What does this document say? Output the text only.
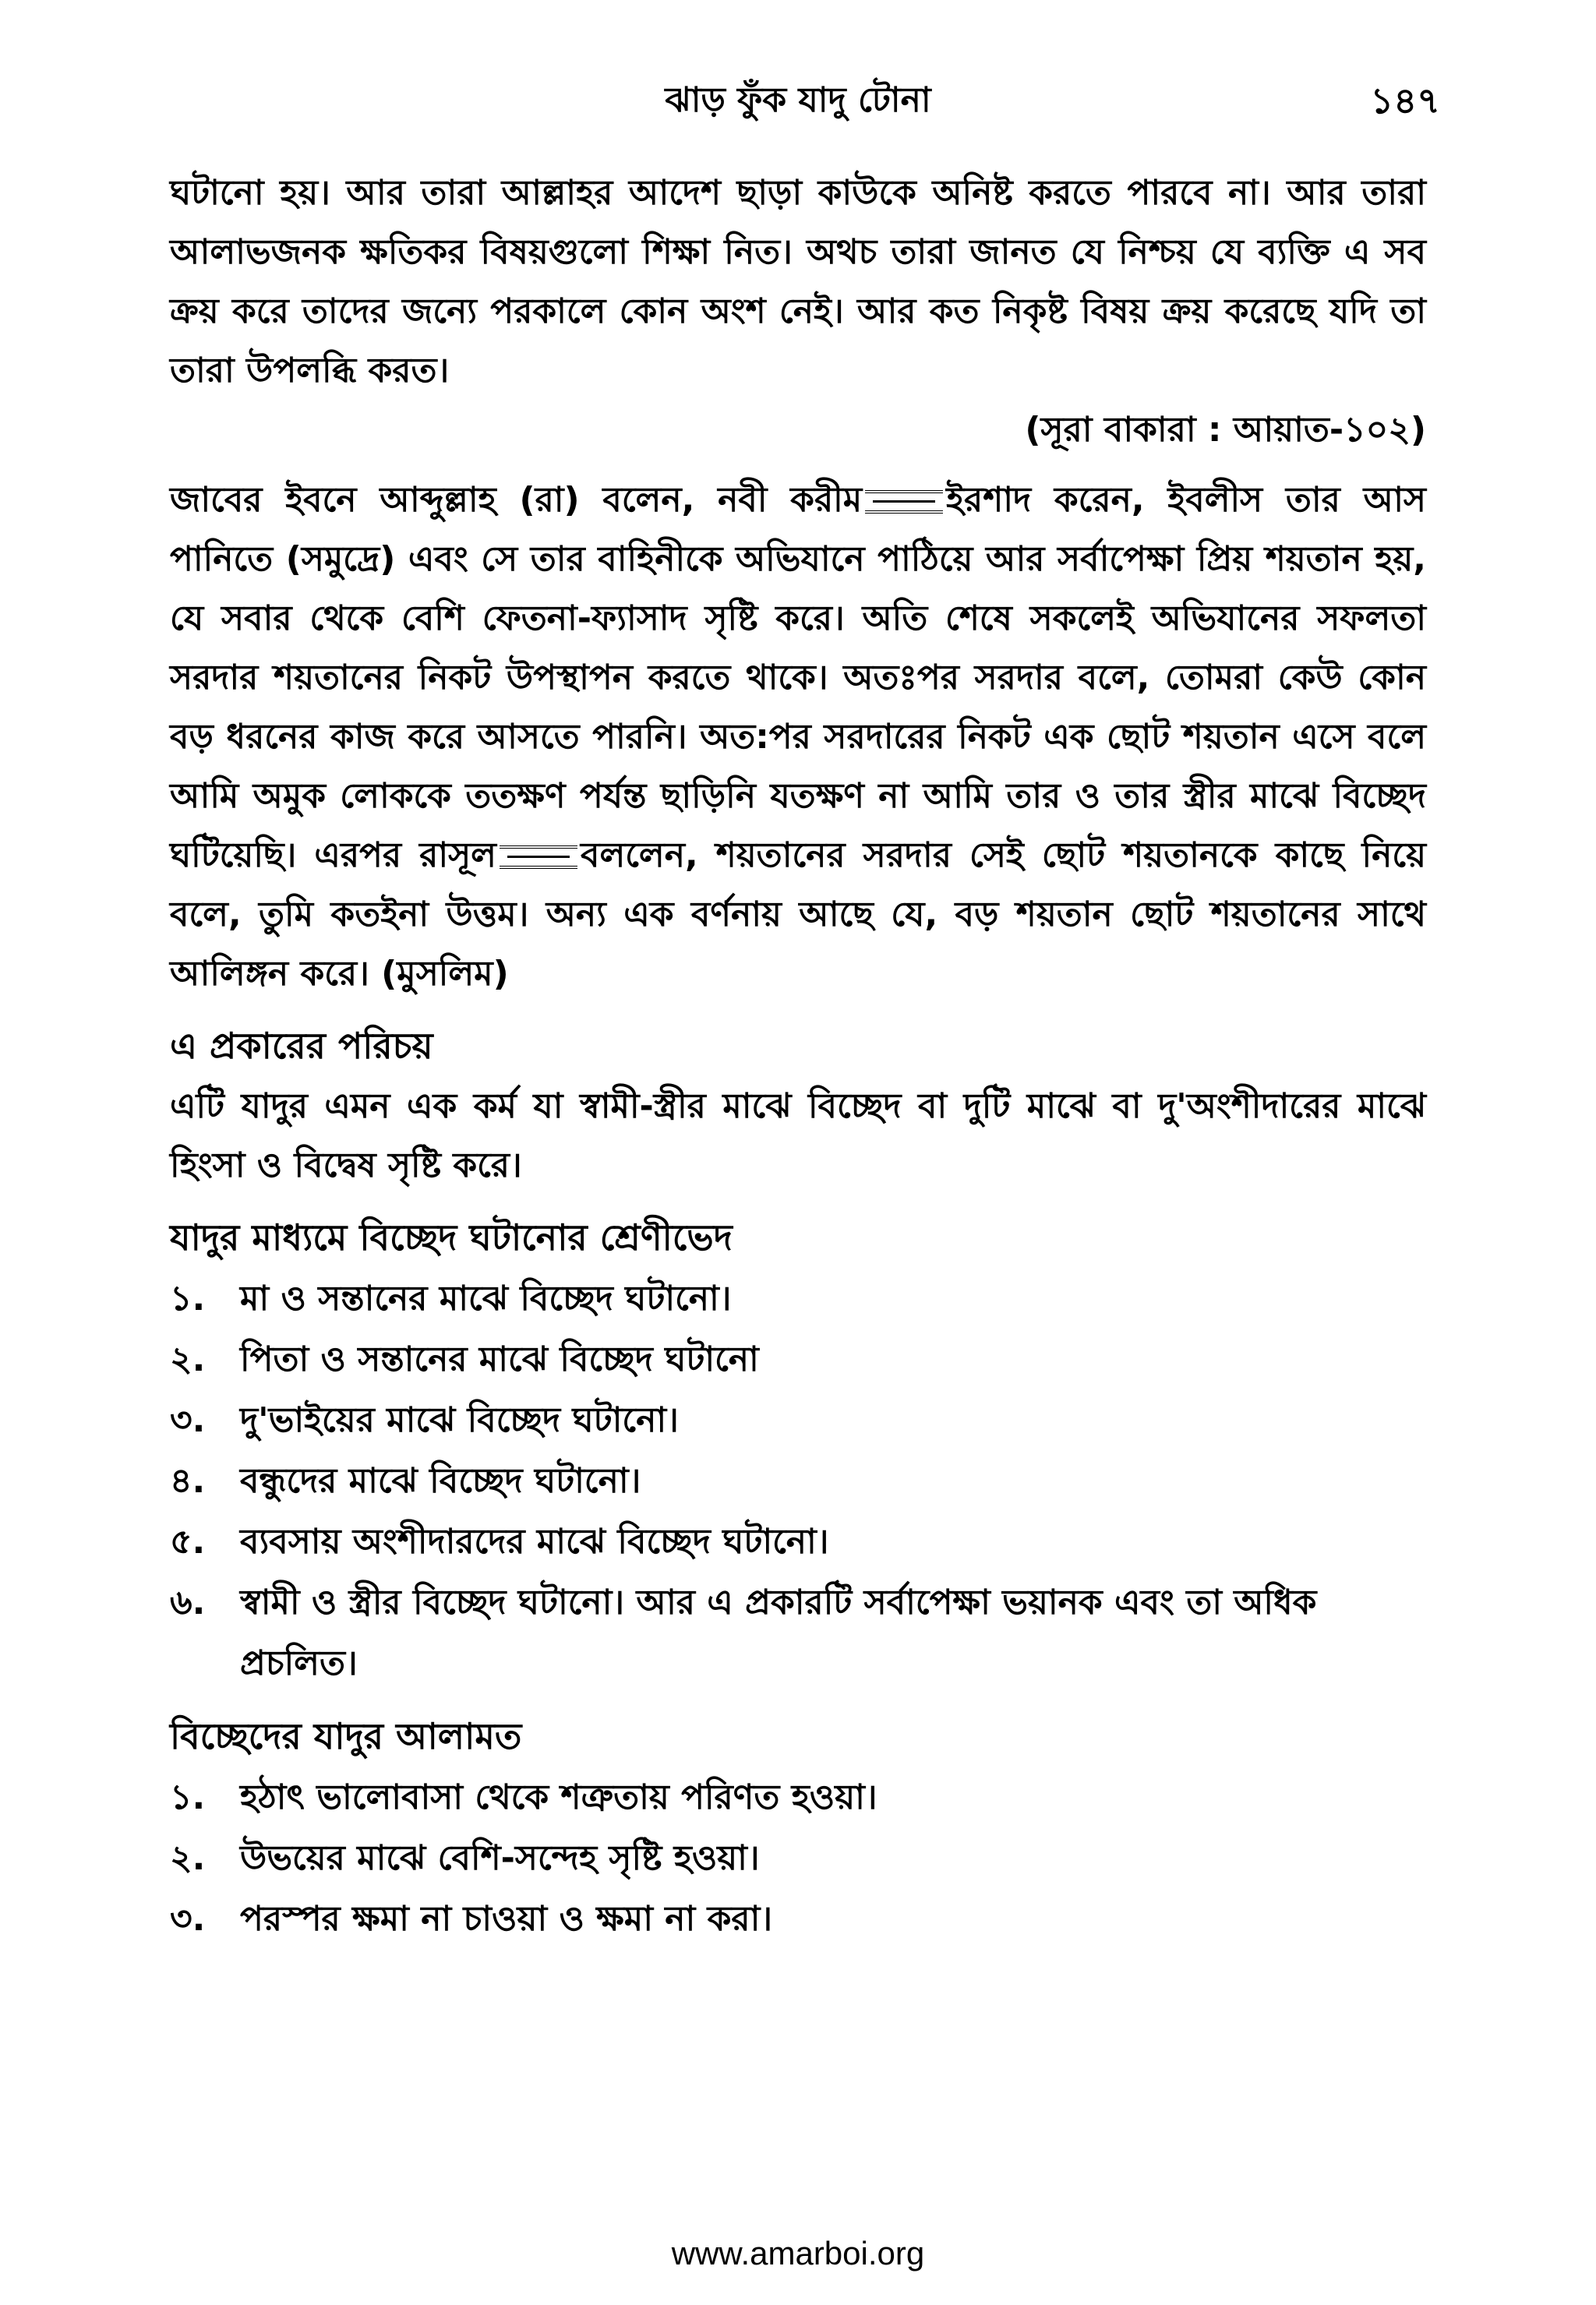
ঝাড় ফুঁক যাদু টোনা	১৪৭

ঘটানো হয়। আর তারা আল্লাহর আদেশ ছাড়া কাউকে অনিষ্ট করতে পারবে না। আর তারা আলাভজনক ক্ষতিকর বিষয়গুলো শিক্ষা নিত। অথচ তারা জানত যে নিশ্চয় যে ব্যক্তি এ সব ক্রয় করে তাদের জন্যে পরকালে কোন অংশ নেই। আর কত নিকৃষ্ট বিষয় ক্রয় করেছে যদি তা তারা উপলব্ধি করত।

(সূরা বাকারা : আয়াত-১০২)

জাবের ইবনে আব্দুল্লাহ (রা) বলেন, নবী করীম ইরশাদ করেন, ইবলীস তার আস পানিতে (সমুদ্রে) এবং সে তার বাহিনীকে অভিযানে পাঠিয়ে আর সর্বাপেক্ষা প্রিয় শয়তান হয়, যে সবার থেকে বেশি ফেতনা-ফ্যাসাদ সৃষ্টি করে। অতি শেষে সকলেই অভিযানের সফলতা সরদার শয়তানের নিকট উপস্থাপন করতে থাকে। অতঃপর সরদার বলে, তোমরা কেউ কোন বড় ধরনের কাজ করে আসতে পারনি। অত:পর সরদারের নিকট এক ছোট শয়তান এসে বলে আমি অমুক লোককে ততক্ষণ পর্যন্ত ছাড়িনি যতক্ষণ না আমি তার ও তার স্ত্রীর মাঝে বিচ্ছেদ ঘটিয়েছি। এরপর রাসূল বললেন, শয়তানের সরদার সেই ছোট শয়তানকে কাছে নিয়ে বলে, তুমি কতইনা উত্তম। অন্য এক বর্ণনায় আছে যে, বড় শয়তান ছোট শয়তানের সাথে আলিঙ্গন করে। (মুসলিম)

এ প্রকারের পরিচয়

এটি যাদুর এমন এক কর্ম যা স্বামী-স্ত্রীর মাঝে বিচ্ছেদ বা দুটি মাঝে বা দু'অংশীদারের মাঝে হিংসা ও বিদ্বেষ সৃষ্টি করে।

যাদুর মাধ্যমে বিচ্ছেদ ঘটানোর শ্রেণীভেদ
১.	মা ও সন্তানের মাঝে বিচ্ছেদ ঘটানো।
২.	পিতা ও সন্তানের মাঝে বিচ্ছেদ ঘটানো
৩.	দু'ভাইয়ের মাঝে বিচ্ছেদ ঘটানো।
৪.	বন্ধুদের মাঝে বিচ্ছেদ ঘটানো।
৫.	ব্যবসায় অংশীদারদের মাঝে বিচ্ছেদ ঘটানো।
৬.	স্বামী ও স্ত্রীর বিচ্ছেদ ঘটানো। আর এ প্রকারটি সর্বাপেক্ষা ভয়ানক এবং তা অধিক প্রচলিত।
বিচ্ছেদের যাদুর আলামত
১.	হঠাৎ ভালোবাসা থেকে শত্রুতায় পরিণত হওয়া।
২.	উভয়ের মাঝে বেশি-সন্দেহ সৃষ্টি হওয়া।
৩.	পরস্পর ক্ষমা না চাওয়া ও ক্ষমা না করা।
www.amarboi.org
